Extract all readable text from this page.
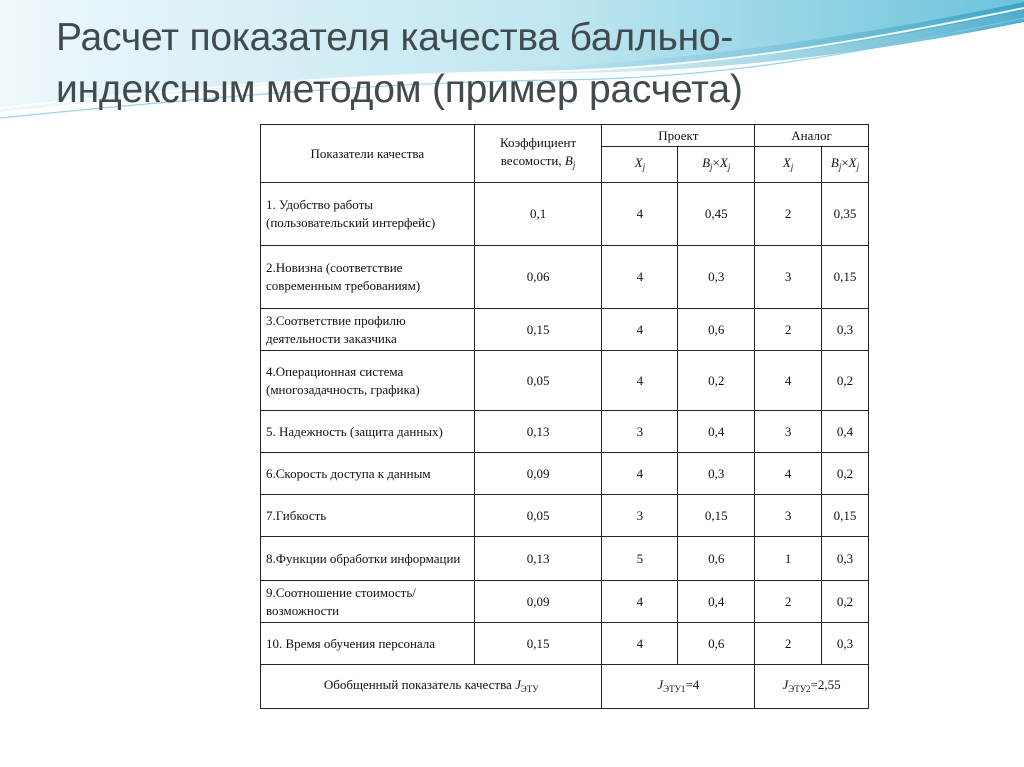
Расчет показателя качества балльно-
индексным методом (пример расчета)
Показатели качества	Коэффициент весомости, $B_j$	Проект		Аналог	
		$X_j$	$B_j\times X_j$	$X_j$	$B_j\times X_j$
1. Удобство работы (пользовательский интерфейс)	0,1	4	0,45	2	0,35
2.Новизна (соответствие современным требованиям)	0,06	4	0,3	3	0,15
3.Соответствие профилю деятельности заказчика	0,15	4	0,6	2	0,3
4.Операционная система (многозадачность, графика)	0,05	4	0,2	4	0,2
5. Надежность (защита данных)	0,13	3	0,4	3	0,4
6.Скорость доступа к данным	0,09	4	0,3	4	0,2
7.Гибкость	0,05	3	0,15	3	0,15
8.Функции обработки информации	0,13	5	0,6	1	0,3
9.Соотношение стоимость/возможности	0,09	4	0,4	2	0,2
10. Время обучения персонала	0,15	4	0,6	2	0,3
Обобщенный показатель качества $J_{ЭТУ}$		$J_{ЭТУ1}=4$		$J_{ЭТУ2}=2,55$	
